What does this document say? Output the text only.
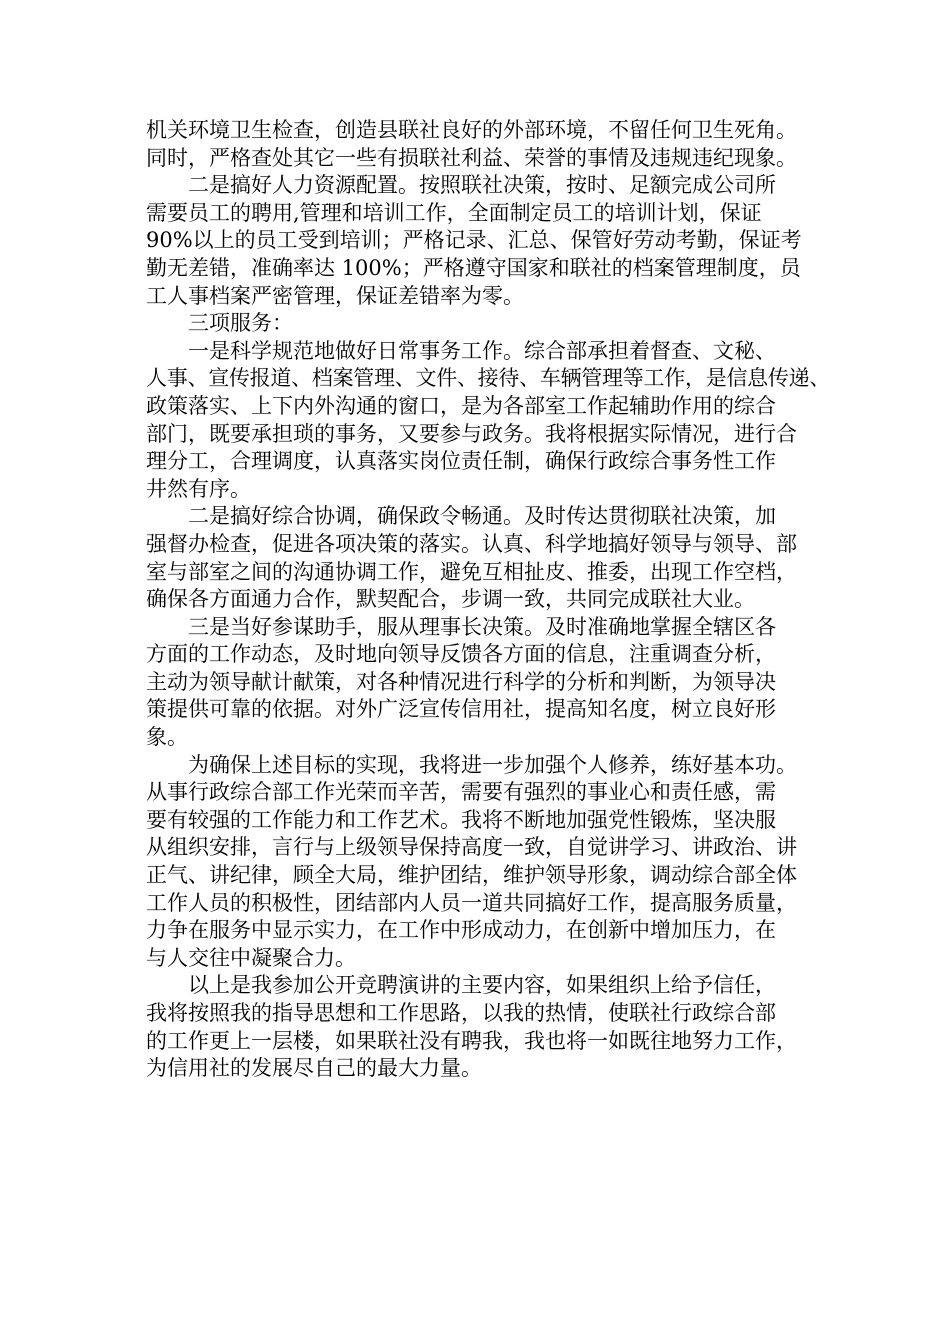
机关环境卫生检查，创造县联社良好的外部环境，不留任何卫生死角。
同时，严格查处其它一些有损联社利益、荣誉的事情及违规违纪现象。
二是搞好人力资源配置。按照联社决策，按时、足额完成公司所
需要员工的聘用,管理和培训工作，全面制定员工的培训计划，保证
90%以上的员工受到培训；严格记录、汇总、保管好劳动考勤，保证考
勤无差错，准确率达 100%；严格遵守国家和联社的档案管理制度，员
工人事档案严密管理，保证差错率为零。
三项服务：
一是科学规范地做好日常事务工作。综合部承担着督查、文秘、
人事、宣传报道、档案管理、文件、接待、车辆管理等工作，是信息传递、
政策落实、上下内外沟通的窗口，是为各部室工作起辅助作用的综合
部门，既要承担琐的事务，又要参与政务。我将根据实际情况，进行合
理分工，合理调度，认真落实岗位责任制，确保行政综合事务性工作
井然有序。
二是搞好综合协调，确保政令畅通。及时传达贯彻联社决策，加
强督办检查，促进各项决策的落实。认真、科学地搞好领导与领导、部
室与部室之间的沟通协调工作，避免互相扯皮、推委，出现工作空档，
确保各方面通力合作，默契配合，步调一致，共同完成联社大业。
三是当好参谋助手，服从理事长决策。及时准确地掌握全辖区各
方面的工作动态，及时地向领导反馈各方面的信息，注重调查分析，
主动为领导献计献策，对各种情况进行科学的分析和判断，为领导决
策提供可靠的依据。对外广泛宣传信用社，提高知名度，树立良好形
象。
为确保上述目标的实现，我将进一步加强个人修养，练好基本功。
从事行政综合部工作光荣而辛苦，需要有强烈的事业心和责任感，需
要有较强的工作能力和工作艺术。我将不断地加强党性锻炼，坚决服
从组织安排，言行与上级领导保持高度一致，自觉讲学习、讲政治、讲
正气、讲纪律，顾全大局，维护团结，维护领导形象，调动综合部全体
工作人员的积极性，团结部内人员一道共同搞好工作，提高服务质量，
力争在服务中显示实力，在工作中形成动力，在创新中增加压力，在
与人交往中凝聚合力。
以上是我参加公开竞聘演讲的主要内容，如果组织上给予信任，
我将按照我的指导思想和工作思路，以我的热情，使联社行政综合部
的工作更上一层楼，如果联社没有聘我，我也将一如既往地努力工作，
为信用社的发展尽自己的最大力量。
